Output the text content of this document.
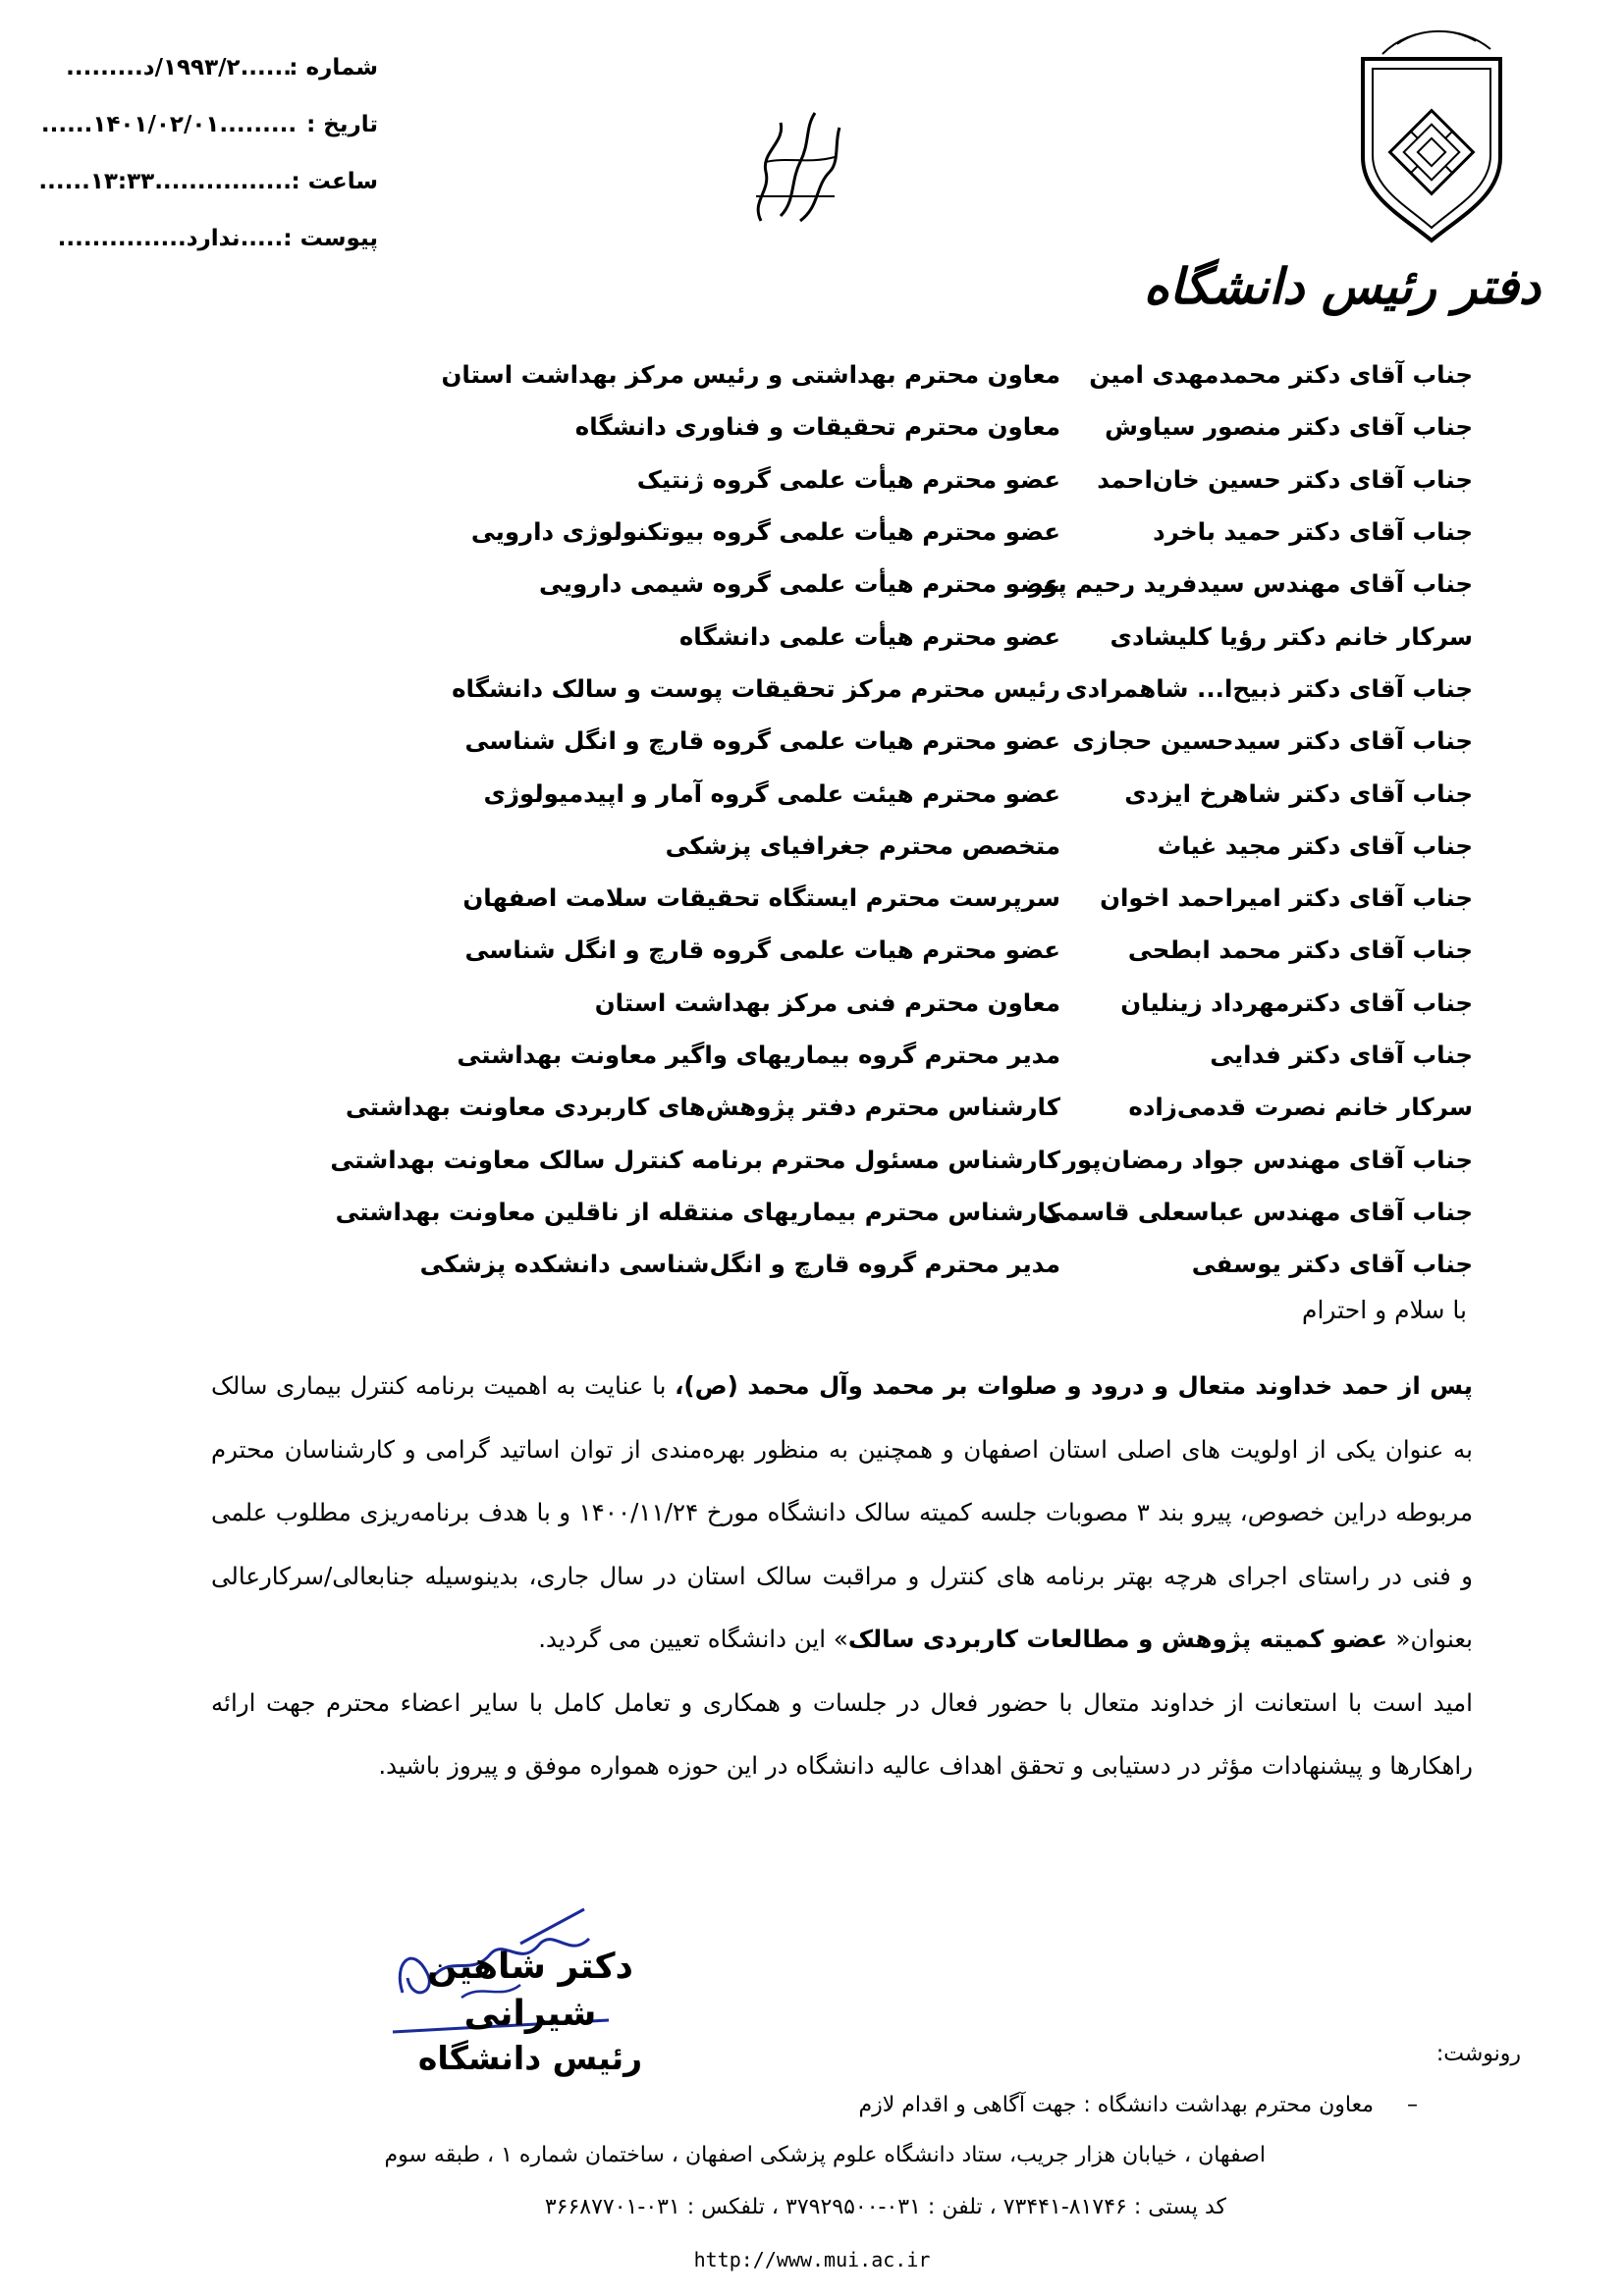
شماره :
......۱۹۹۳/۲/د.........
تاریخ :
......۱۴۰۱/۰۲/۰۱.........
ساعت :
......۱۳:۳۳................
پیوست :
......ندارد...............
دفتر رئیس دانشگاه
جناب آقای دکتر محمدمهدی امین
معاون محترم بهداشتی و رئیس مرکز بهداشت استان
جناب آقای دکتر منصور سیاوش
معاون محترم تحقیقات و فناوری دانشگاه
جناب آقای دکتر حسین خان‌احمد
عضو محترم هیأت علمی گروه ژنتیک
جناب آقای دکتر حمید باخرد
عضو محترم هیأت علمی گروه بیوتکنولوژی دارویی
جناب آقای مهندس سیدفرید رحیم پور
عضو محترم هیأت علمی گروه شیمی دارویی
سرکار خانم دکتر رؤیا کلیشادی
عضو محترم هیأت علمی دانشگاه
جناب آقای دکتر ذبیح‌ا... شاهمرادی
رئیس محترم مرکز تحقیقات پوست و سالک دانشگاه
جناب آقای دکتر سیدحسین حجازی
عضو محترم هیات علمی گروه قارچ و انگل شناسی
جناب آقای دکتر شاهرخ ایزدی
عضو محترم هیئت علمی گروه آمار و اپیدمیولوژی
جناب آقای دکتر مجید غیاث
متخصص محترم جغرافیای پزشکی
جناب آقای دکتر امیراحمد اخوان
سرپرست محترم ایستگاه تحقیقات سلامت اصفهان
جناب آقای دکتر محمد ابطحی
عضو محترم هیات علمی گروه قارچ و انگل شناسی
جناب آقای دکترمهرداد زینلیان
معاون محترم فنی مرکز بهداشت استان
جناب آقای دکتر فدایی
مدیر محترم گروه بیماریهای واگیر معاونت بهداشتی
سرکار خانم نصرت قدمی‌زاده
کارشناس محترم دفتر پژوهش‌های کاربردی معاونت بهداشتی
جناب آقای مهندس جواد رمضان‌پور
کارشناس مسئول محترم برنامه کنترل سالک معاونت بهداشتی
جناب آقای مهندس عباسعلی قاسمی
کارشناس محترم بیماریهای منتقله از ناقلین معاونت بهداشتی
جناب آقای دکتر یوسفی
مدیر محترم گروه قارچ و انگل‌شناسی دانشکده پزشکی
با سلام و احترام

پس از حمد خداوند متعال و درود و صلوات بر محمد وآل محمد (ص)، با عنایت به اهمیت برنامه کنترل بیماری سالک به عنوان یکی از اولویت های اصلی استان اصفهان و همچنین به منظور بهره‌مندی از توان اساتید گرامی و کارشناسان محترم مربوطه دراین خصوص، پیرو بند ۳ مصوبات جلسه کمیته سالک دانشگاه مورخ ۱۴۰۰/۱۱/۲۴ و با هدف برنامه‌ریزی مطلوب علمی و فنی در راستای اجرای هرچه بهتر برنامه های کنترل و مراقبت سالک استان در سال جاری، بدینوسیله جنابعالی/سرکارعالی بعنوان« عضو کمیته پژوهش و مطالعات کاربردی سالک» این دانشگاه تعیین می گردید.

امید است با استعانت از خداوند متعال با حضور فعال در جلسات و همکاری و تعامل کامل با سایر اعضاء محترم جهت ارائه راهکارها و پیشنهادات مؤثر در دستیابی و تحقق اهداف عالیه دانشگاه در این حوزه همواره موفق و پیروز باشید.

دکتر شاهین شیرانی
رئیس دانشگاه	رونوشت:
–
معاون محترم بهداشت دانشگاه : جهت آگاهی و اقدام لازم
اصفهان ، خیابان هزار جریب، ستاد دانشگاه علوم پزشکی اصفهان ، ساختمان شماره ۱ ، طبقه سوم
کد پستی : ۸۱۷۴۶-۷۳۴۴۱ ، تلفن : ۰۳۱-۳۷۹۲۹۵۰۰ ، تلفکس : ۰۳۱-۳۶۶۸۷۷۰۱
http://www.mui.ac.ir
